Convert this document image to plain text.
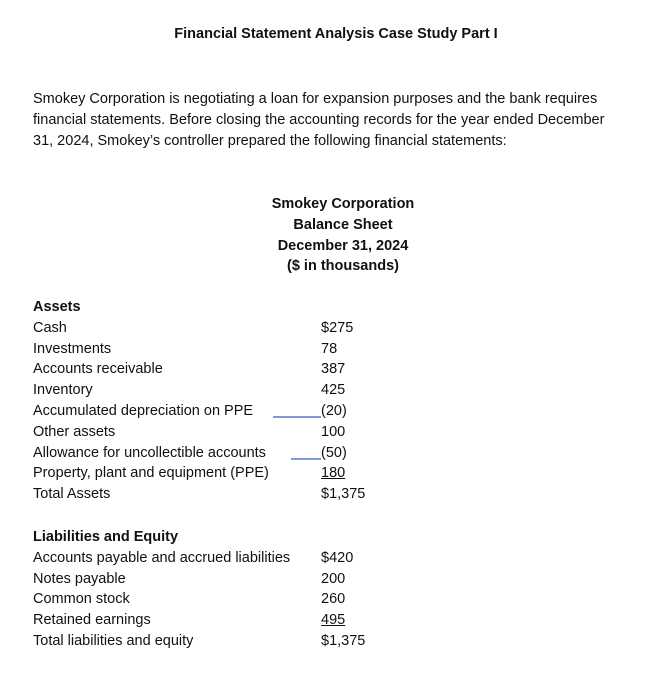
Financial Statement Analysis Case Study Part I
Smokey Corporation is negotiating a loan for expansion purposes and the bank requires
financial statements. Before closing the accounting records for the year ended December
31, 2024, Smokey’s controller prepared the following financial statements:
Smokey Corporation
Balance Sheet
December 31, 2024
($ in thousands)
Assets
Cash	$275
Investments	78
Accounts receivable	387
Inventory	425
Accumulated depreciation on PPE	(20)
Other assets	100
Allowance for uncollectible accounts	(50)
Property, plant and equipment (PPE)	180
Total Assets	$1,375
Liabilities and Equity
Accounts payable and accrued liabilities $420
Notes payable	200
Common stock	260
Retained earnings	495
Total liabilities and equity	$1,375
